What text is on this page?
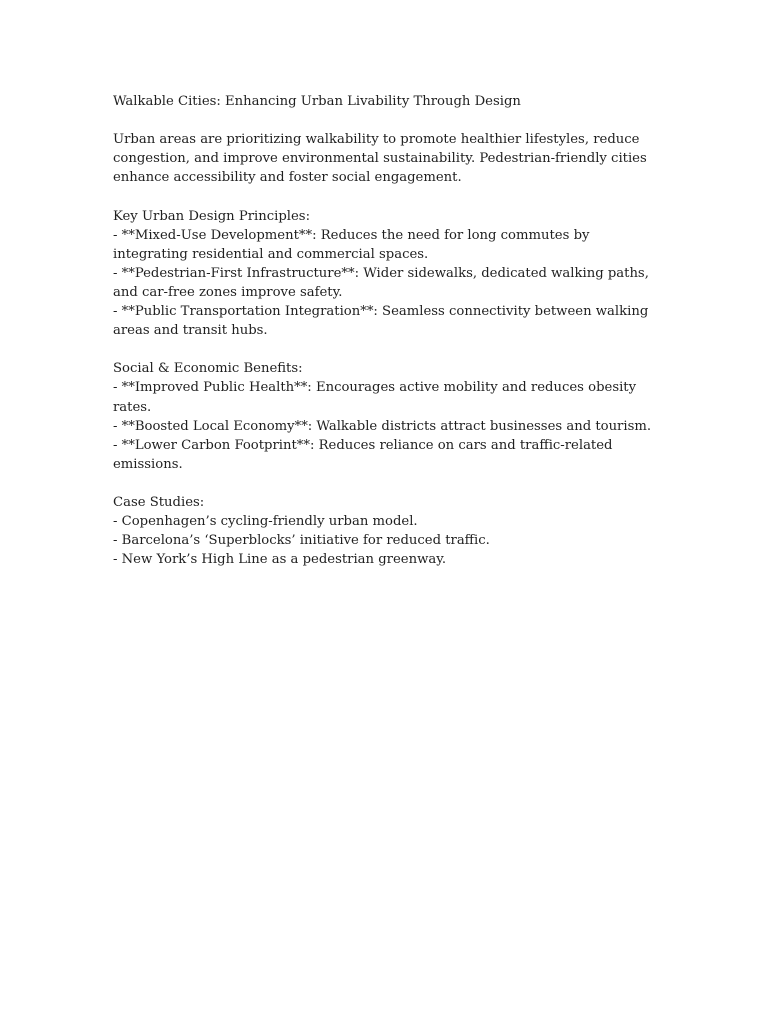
Walkable Cities: Enhancing Urban Livability Through Design

Urban areas are prioritizing walkability to promote healthier lifestyles, reduce congestion, and improve environmental sustainability. Pedestrian-friendly cities enhance accessibility and foster social engagement.

Key Urban Design Principles:

- **Mixed-Use Development**: Reduces the need for long commutes by integrating residential and commercial spaces.

- **Pedestrian-First Infrastructure**: Wider sidewalks, dedicated walking paths, and car-free zones improve safety.

- **Public Transportation Integration**: Seamless connectivity between walking areas and transit hubs.

Social & Economic Benefits:

- **Improved Public Health**: Encourages active mobility and reduces obesity rates.

- **Boosted Local Economy**: Walkable districts attract businesses and tourism.

- **Lower Carbon Footprint**: Reduces reliance on cars and traffic-related emissions.

Case Studies:

- Copenhagen’s cycling-friendly urban model.

- Barcelona’s ‘Superblocks’ initiative for reduced traffic.

- New York’s High Line as a pedestrian greenway.
